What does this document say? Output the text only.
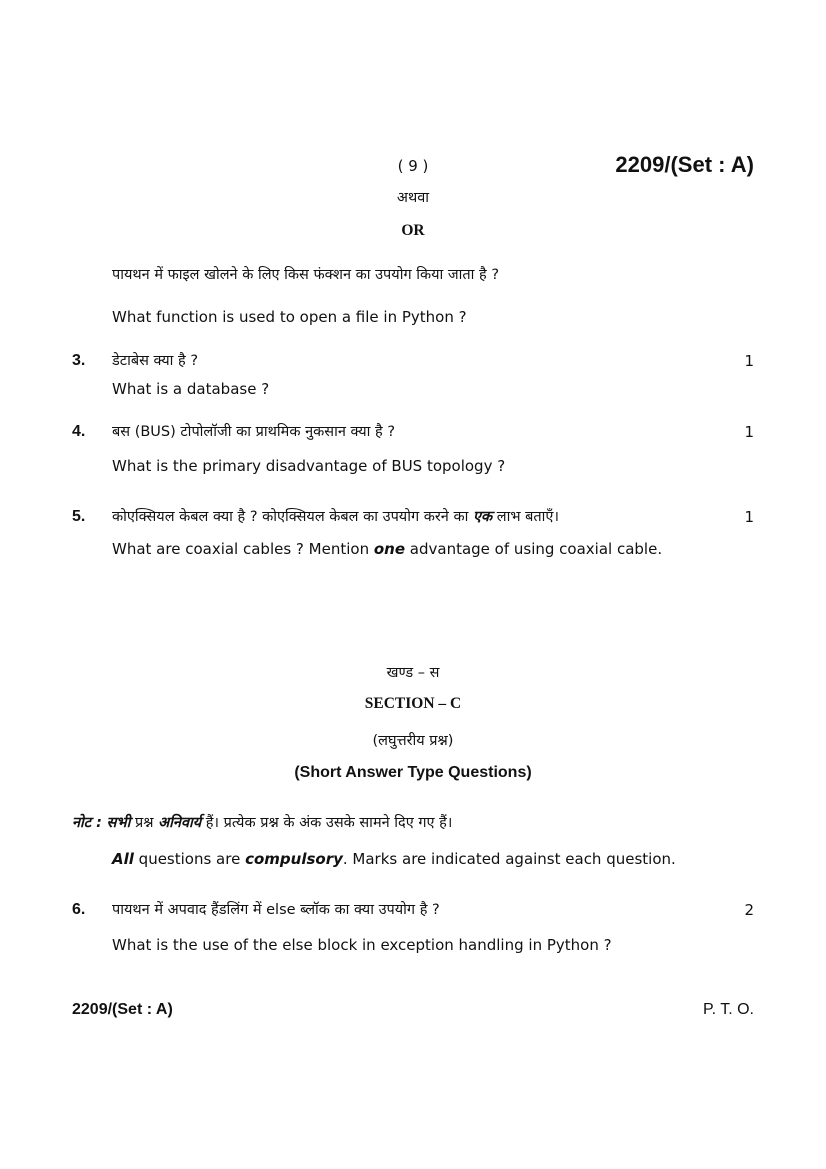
( 9 )	2209/(Set : A)
अथवा
OR
पायथन में फाइल खोलने के लिए किस फंक्शन का उपयोग किया जाता है ?
What function is used to open a file in Python ?
3. डेटाबेस क्या है ?	1
What is a database ?
4. बस (BUS) टोपोलॉजी का प्राथमिक नुकसान क्या है ?	1
What is the primary disadvantage of BUS topology ?
5. कोएक्सियल केबल क्या है ? कोएक्सियल केबल का उपयोग करने का एक लाभ बताएँ।	1
What are coaxial cables ? Mention one advantage of using coaxial cable.
खण्ड – स
SECTION – C
(लघुत्तरीय प्रश्न)
(Short Answer Type Questions)
नोट : सभी प्रश्न अनिवार्य हैं। प्रत्येक प्रश्न के अंक उसके सामने दिए गए हैं।
All questions are compulsory. Marks are indicated against each question.
6. पायथन में अपवाद हैंडलिंग में else ब्लॉक का क्या उपयोग है ?	2
What is the use of the else block in exception handling in Python ?
2209/(Set : A)	P. T. O.
